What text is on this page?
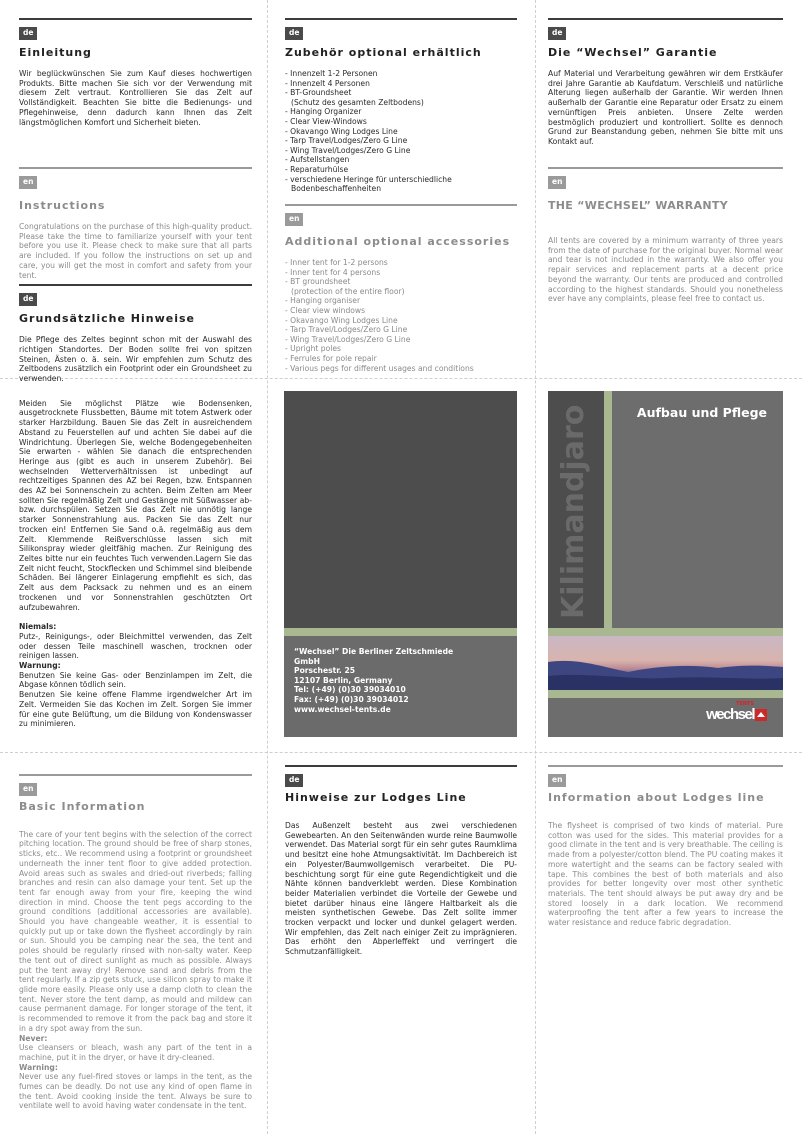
de
Einleitung

Wir beglückwünschen Sie zum Kauf dieses hochwertigen Produkts. Bitte machen Sie sich vor der Verwendung mit diesem Zelt vertraut. Kontrollieren Sie das Zelt auf Vollständigkeit. Beachten Sie bitte die Bedienungs- und Pflegehinweise, denn dadurch kann Ihnen das Zelt längstmöglichen Komfort und Sicherheit bieten.

en
Instructions

Congratulations on the purchase of this high-quality product. Please take the time to familiarize yourself with your tent before you use it. Please check to make sure that all parts are included. If you follow the instructions on set up and care, you will get the most in comfort and safety from your tent.

de
Grundsätzliche Hinweise

Die Pflege des Zeltes beginnt schon mit der Auswahl des richtigen Standortes. Der Boden sollte frei von spitzen Steinen, Ästen o. ä. sein. Wir empfehlen zum Schutz des Zeltbodens zusätzlich ein Footprint oder ein Groundsheet zu verwenden.

Meiden Sie möglichst Plätze wie Bodensenken, ausgetrocknete Flussbetten, Bäume mit totem Astwerk oder starker Harzbildung. Bauen Sie das Zelt in ausreichendem Abstand zu Feuerstellen auf und achten Sie dabei auf die Windrichtung. Überlegen Sie, welche Bodengegebenheiten Sie erwarten - wählen Sie danach die entsprechenden Heringe aus (gibt es auch in unserem Zubehör). Bei wechselnden Wetterverhältnissen ist unbedingt auf rechtzeitiges Spannen des AZ bei Regen, bzw. Entspannen des AZ bei Sonnenschein zu achten. Beim Zelten am Meer sollten Sie regelmäßig Zelt und Gestänge mit Süßwasser ab- bzw. durchspülen. Setzen Sie das Zelt nie unnötig lange starker Sonnenstrahlung aus. Packen Sie das Zelt nur trocken ein! Entfernen Sie Sand o.ä. regelmäßig aus dem Zelt. Klemmende Reißverschlüsse lassen sich mit Silikonspray wieder gleitfähig machen. Zur Reinigung des Zeltes bitte nur ein feuchtes Tuch verwenden.Lagern Sie das Zelt nicht feucht, Stockflecken und Schimmel sind bleibende Schäden. Bei längerer Einlagerung empfiehlt es sich, das Zelt aus dem Packsack zu nehmen und es an einem trockenen und vor Sonnenstrahlen geschützten Ort aufzubewahren.

Niemals:

Putz-, Reinigungs-, oder Bleichmittel verwenden, das Zelt oder dessen Teile maschinell waschen, trocknen oder reinigen lassen.

Warnung:

Benutzen Sie keine Gas- oder Benzinlampen im Zelt, die Abgase können tödlich sein.

Benutzen Sie keine offene Flamme irgendwelcher Art im Zelt. Vermeiden Sie das Kochen im Zelt. Sorgen Sie immer für eine gute Belüftung, um die Bildung von Kondenswasser zu minimieren.

en
Basic Information

The care of your tent begins with the selection of the correct pitching location. The ground should be free of sharp stones, sticks, etc.. We recommend using a footprint or groundsheet underneath the inner tent floor to give added protection. Avoid areas such as swales and dried-out riverbeds; falling branches and resin can also damage your tent. Set up the tent far enough away from your fire, keeping the wind direction in mind. Choose the tent pegs according to the ground conditions (additional accessories are available). Should you have changeable weather, it is essential to quickly put up or take down the flysheet accordingly by rain or sun. Should you be camping near the sea, the tent and poles should be regularly rinsed with non-salty water. Keep the tent out of direct sunlight as much as possible. Always put the tent away dry! Remove sand and debris from the tent regularly. If a zip gets stuck, use silicon spray to make it glide more easily. Please only use a damp cloth to clean the tent. Never store the tent damp, as mould and mildew can cause permanent damage. For longer storage of the tent, it is recommended to remove it from the pack bag and store it in a dry spot away from the sun.

Never:

Use cleansers or bleach, wash any part of the tent in a machine, put it in the dryer, or have it dry-cleaned.

Warning:

Never use any fuel-fired stoves or lamps in the tent, as the fumes can be deadly. Do not use any kind of open flame in the tent. Avoid cooking inside the tent. Always be sure to ventilate well to avoid having water condensate in the tent.

de
Zubehör optional erhältlich
- Innenzelt 1-2 Personen
- Innenzelt 4 Personen
- BT-Groundsheet
(Schutz des gesamten Zeltbodens)
- Hanging Organizer
- Clear View-Windows
- Okavango Wing Lodges Line
- Tarp Travel/Lodges/Zero G Line
- Wing Travel/Lodges/Zero G Line
- Aufstellstangen
- Reparaturhülse
- verschiedene Heringe für unterschiedliche
Bodenbeschaffenheiten
en
Additional optional accessories
- Inner tent for 1-2 persons
- Inner tent for 4 persons
- BT groundsheet
(protection of the entire floor)
- Hanging organiser
- Clear view windows
- Okavango Wing Lodges Line
- Tarp Travel/Lodges/Zero G Line
- Wing Travel/Lodges/Zero G Line
- Upright poles
- Ferrules for pole repair
- Various pegs for different usages and conditions
“Wechsel” Die Berliner Zeltschmiede
GmbH
Porschestr. 25
12107 Berlin, Germany
Tel: (+49) (0)30 39034010
Fax: (+49) (0)30 39034012
www.wechsel-tents.de
de
Hinweise zur Lodges Line

Das Außenzelt besteht aus zwei verschiedenen Gewebearten. An den Seitenwänden wurde reine Baumwolle verwendet. Das Material sorgt für ein sehr gutes Raumklima und besitzt eine hohe Atmungsaktivität. Im Dachbereich ist ein Polyester/Baumwollgemisch verarbeitet. Die PU-beschichtung sorgt für eine gute Regendichtigkeit und die Nähte können bandverklebt werden. Diese Kombination beider Materialien verbindet die Vorteile der Gewebe und bietet darüber hinaus eine längere Haltbarkeit als die meisten synthetischen Gewebe. Das Zelt sollte immer trocken verpackt und locker und dunkel gelagert werden. Wir empfehlen, das Zelt nach einiger Zeit zu imprägnieren. Das erhöht den Abperleffekt und verringert die Schmutzanfälligkeit.

de
Die “Wechsel” Garantie

Auf Material und Verarbeitung gewähren wir dem Erstkäufer drei Jahre Garantie ab Kaufdatum. Verschleiß und natürliche Alterung liegen außerhalb der Garantie. Wir werden Ihnen außerhalb der Garantie eine Reparatur oder Ersatz zu einem vernünftigen Preis anbieten. Unsere Zelte werden bestmöglich produziert und kontrolliert. Sollte es dennoch Grund zur Beanstandung geben, nehmen Sie bitte mit uns Kontakt auf.

en
THE “WECHSEL” WARRANTY

All tents are covered by a minimum warranty of three years from the date of purchase for the original buyer. Normal wear and tear is not included in the warranty. We also offer you repair services and replacement parts at a decent price beyond the warranty. Our tents are produced and controlled according to the highest standards. Should you nonetheless ever have any complaints, please feel free to contact us.

Kilimandjaro	Aufbau und Pflege
TENTS
wechsel
en
Information about Lodges line

The flysheet is comprised of two kinds of material. Pure cotton was used for the sides. This material provides for a good climate in the tent and is very breathable. The ceiling is made from a polyester/cotton blend. The PU coating makes it more watertight and the seams can be factory sealed with tape. This combines the best of both materials and also provides for better longevity over most other synthetic materials. The tent should always be put away dry and be stored loosely in a dark location. We recommend waterproofing the tent after a few years to increase the water resistance and reduce fabric degradation.
